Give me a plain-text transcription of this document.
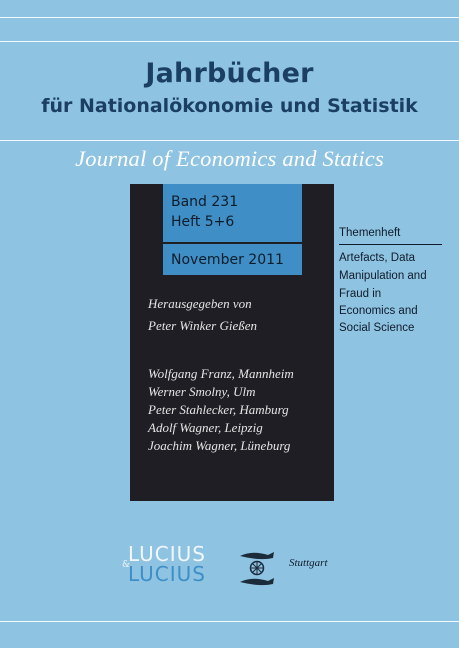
Jahrbücher
für Nationalökonomie und Statistik
Journal of Economics and Statics
Band 231
Heft 5+6
November 2011
Herausgegeben von
Peter Winker Gießen
Wolfgang Franz, Mannheim
Werner Smolny, Ulm
Peter Stahlecker, Hamburg
Adolf Wagner, Leipzig
Joachim Wagner, Lüneburg
Themenheft
Artefacts, Data
Manipulation and
Fraud in
Economics and
Social Science
LUCIUS
&
LUCIUS	Stuttgart
